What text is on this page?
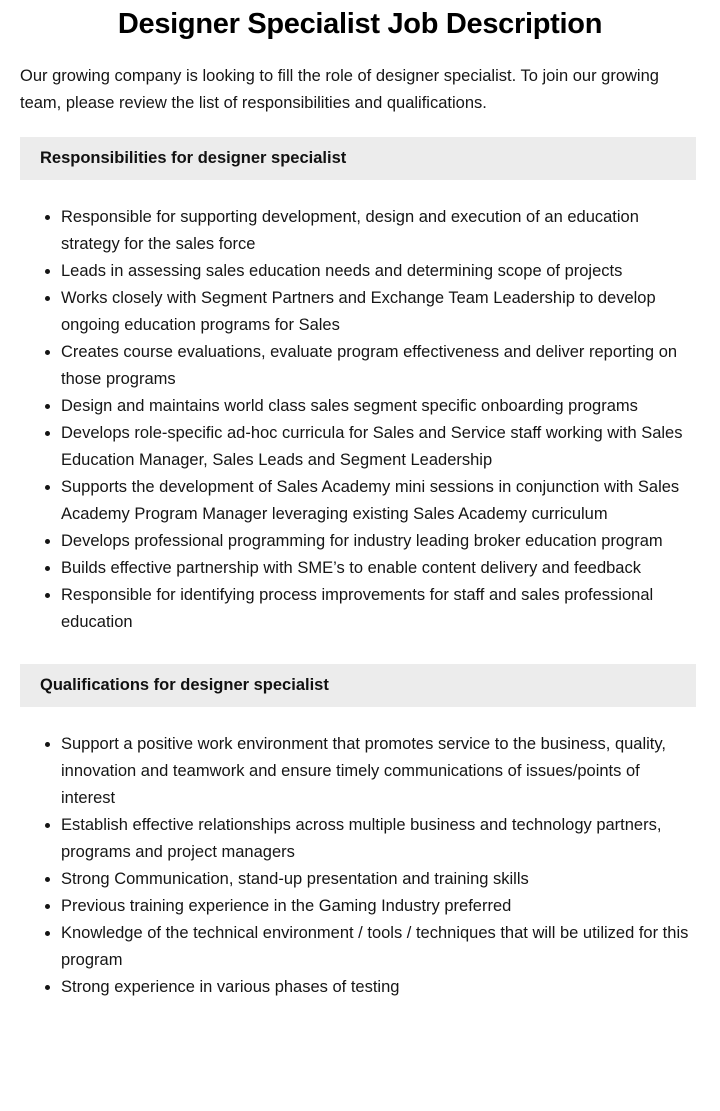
Designer Specialist Job Description

Our growing company is looking to fill the role of designer specialist. To join our growing team, please review the list of responsibilities and qualifications.

Responsibilities for designer specialist
• Responsible for supporting development, design and execution of an education strategy for the sales force
• Leads in assessing sales education needs and determining scope of projects
• Works closely with Segment Partners and Exchange Team Leadership to develop ongoing education programs for Sales
• Creates course evaluations, evaluate program effectiveness and deliver reporting on those programs
• Design and maintains world class sales segment specific onboarding programs
• Develops role-specific ad-hoc curricula for Sales and Service staff working with Sales Education Manager, Sales Leads and Segment Leadership
• Supports the development of Sales Academy mini sessions in conjunction with Sales Academy Program Manager leveraging existing Sales Academy curriculum
• Develops professional programming for industry leading broker education program
• Builds effective partnership with SME’s to enable content delivery and feedback
• Responsible for identifying process improvements for staff and sales professional education
Qualifications for designer specialist
• Support a positive work environment that promotes service to the business, quality, innovation and teamwork and ensure timely communications of issues/points of interest
• Establish effective relationships across multiple business and technology partners, programs and project managers
• Strong Communication, stand-up presentation and training skills
• Previous training experience in the Gaming Industry preferred
• Knowledge of the technical environment / tools / techniques that will be utilized for this program
• Strong experience in various phases of testing
